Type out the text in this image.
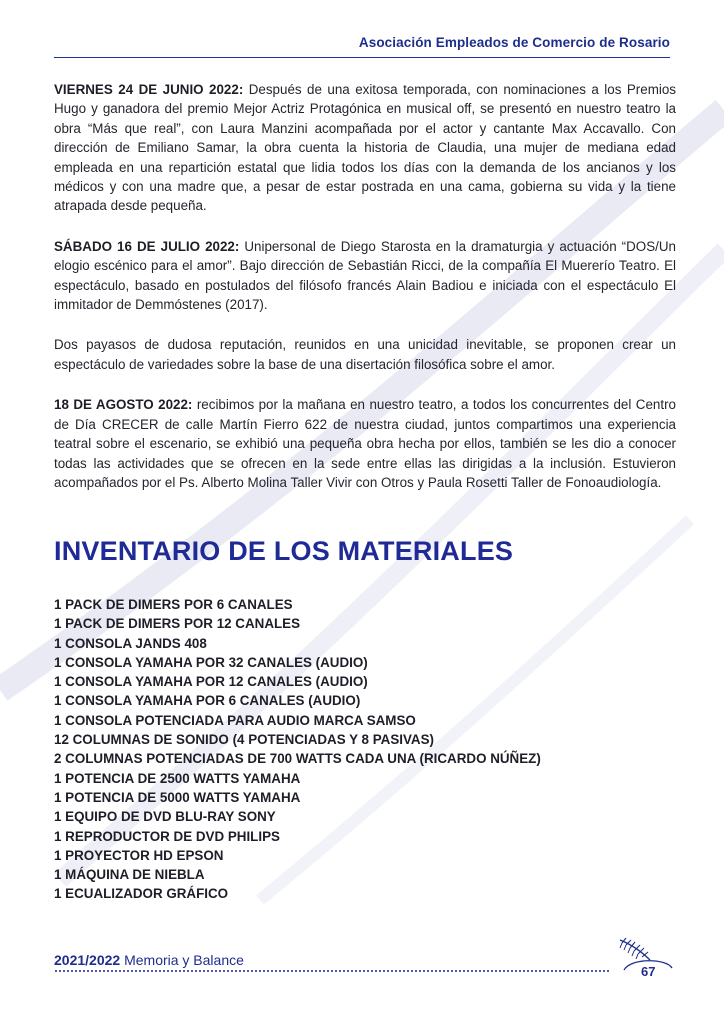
Asociación Empleados de Comercio de Rosario

VIERNES 24 DE JUNIO 2022: Después de una exitosa temporada, con nominaciones a los Premios Hugo y ganadora del premio Mejor Actriz Protagónica en musical off, se presentó en nuestro teatro la obra “Más que real”, con Laura Manzini acompañada por el actor y cantante Max Accavallo. Con dirección de Emiliano Samar, la obra cuenta la historia de Claudia, una mujer de mediana edad empleada en una repartición estatal que lidia todos los días con la demanda de los ancianos y los médicos y con una madre que, a pesar de estar postrada en una cama, gobierna su vida y la tiene atrapada desde pequeña.

SÁBADO 16 DE JULIO 2022: Unipersonal de Diego Starosta en la dramaturgia y actuación “DOS/Un elogio escénico para el amor”. Bajo dirección de Sebastián Ricci, de la compañía El Muererío Teatro. El espectáculo, basado en postulados del filósofo francés Alain Badiou e iniciada con el espectáculo El immitador de Demmóstenes (2017).

Dos payasos de dudosa reputación, reunidos en una unicidad inevitable, se proponen crear un espectáculo de variedades sobre la base de una disertación filosófica sobre el amor.

18 DE AGOSTO 2022: recibimos por la mañana en nuestro teatro, a todos los concurrentes del Centro de Día CRECER de calle Martín Fierro 622 de nuestra ciudad, juntos compartimos una experiencia teatral sobre el escenario, se exhibió una pequeña obra hecha por ellos, también se les dio a conocer todas las actividades que se ofrecen en la sede entre ellas las dirigidas a la inclusión. Estuvieron acompañados por el Ps. Alberto Molina Taller Vivir con Otros y Paula Rosetti Taller de Fonoaudiología.

INVENTARIO DE LOS MATERIALES
1 PACK DE DIMERS POR 6 CANALES
1 PACK DE DIMERS POR 12 CANALES
1 CONSOLA JANDS 408
1 CONSOLA YAMAHA POR 32 CANALES (AUDIO)
1 CONSOLA YAMAHA POR 12 CANALES (AUDIO)
1 CONSOLA YAMAHA POR 6 CANALES (AUDIO)
1 CONSOLA POTENCIADA PARA AUDIO MARCA SAMSO
12 COLUMNAS DE SONIDO (4 POTENCIADAS Y 8 PASIVAS)
2 COLUMNAS POTENCIADAS DE 700 WATTS CADA UNA (RICARDO NÚÑEZ)
1 POTENCIA DE 2500 WATTS YAMAHA
1 POTENCIA DE 5000 WATTS YAMAHA
1 EQUIPO DE DVD BLU-RAY SONY
1 REPRODUCTOR DE DVD PHILIPS
1 PROYECTOR HD EPSON
1 MÁQUINA DE NIEBLA
1 ECUALIZADOR GRÁFICO
2021/2022 Memoria y Balance
67
